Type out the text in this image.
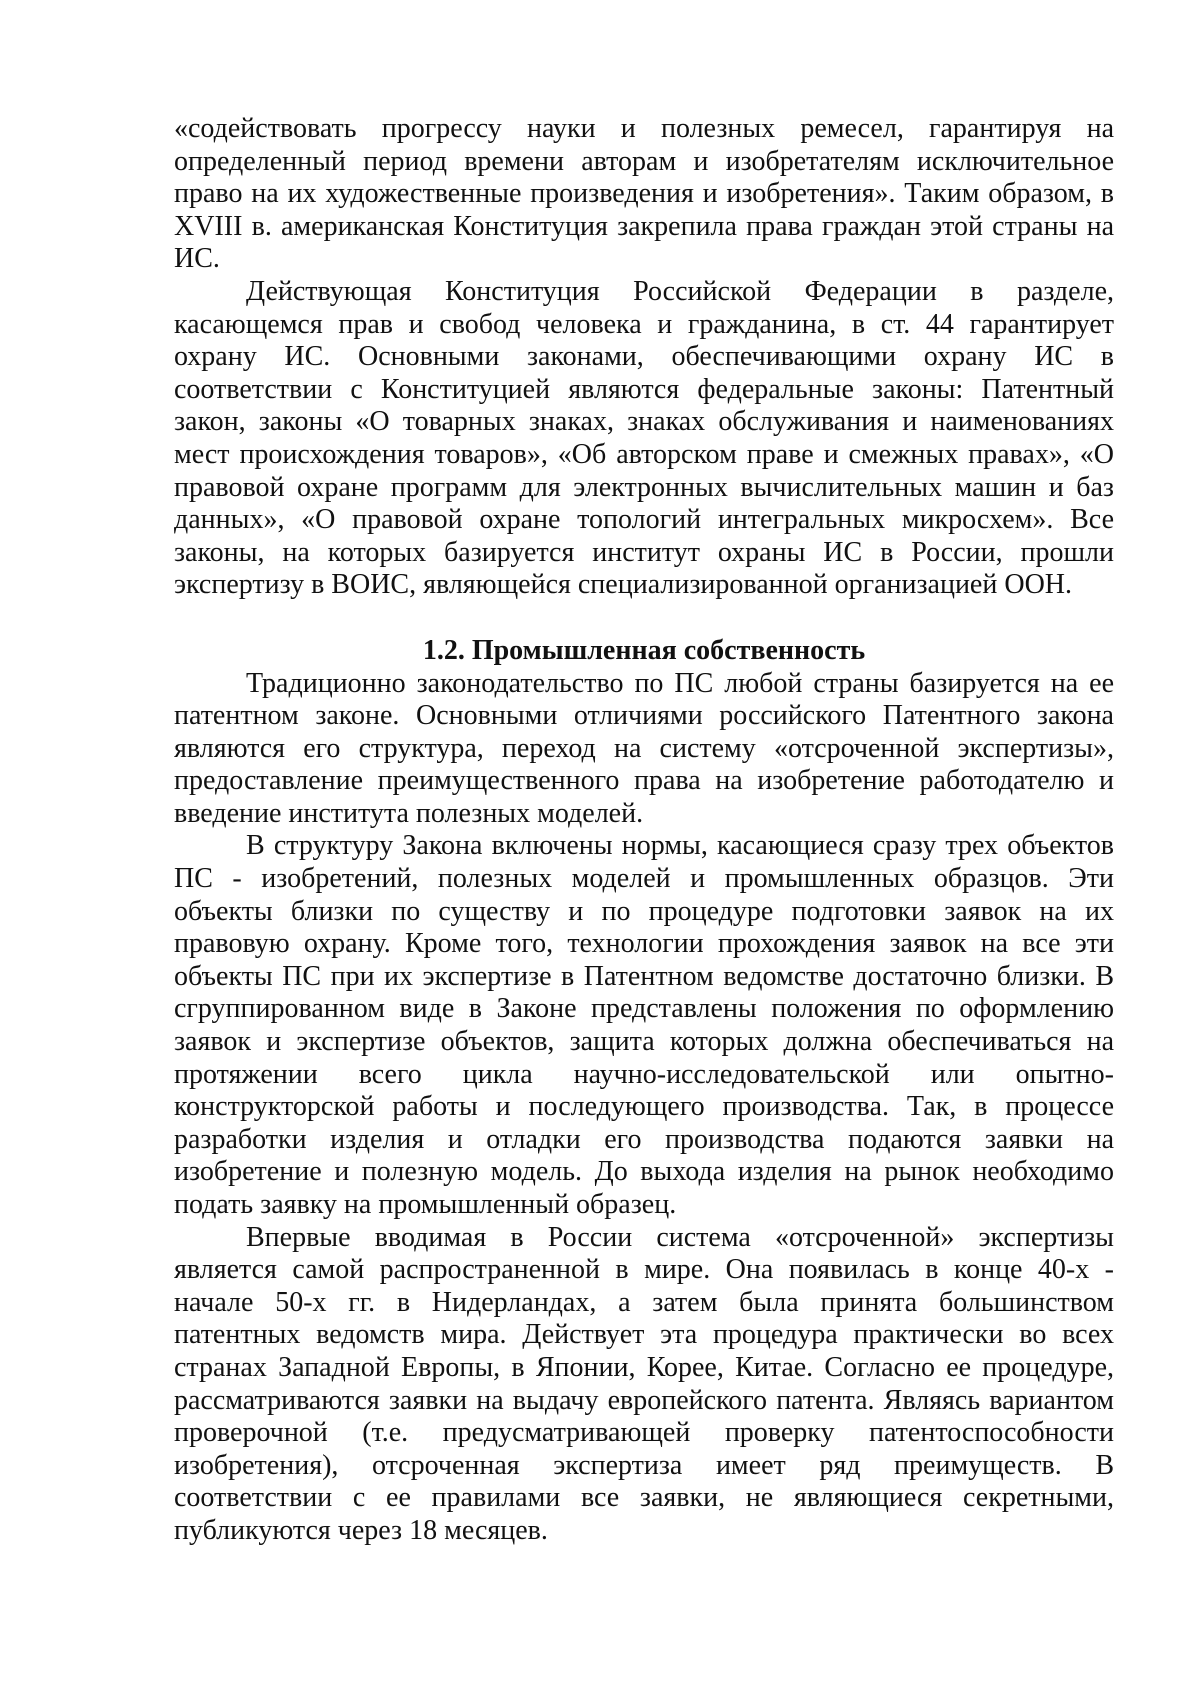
«содействовать прогрессу науки и полезных ремесел, гарантируя на определенный период времени авторам и изобретателям исключительное право на их художественные произведения и изобретения». Таким образом, в XVIII в. американская Конституция закрепила права граждан этой страны на ИС.

Действующая Конституция Российской Федерации в разделе, касающемся прав и свобод человека и гражданина, в ст. 44 гарантирует охрану ИС. Основными законами, обеспечивающими охрану ИС в соответствии с Конституцией являются федеральные законы: Патентный закон, законы «О товарных знаках, знаках обслуживания и наименованиях мест происхождения товаров», «Об авторском праве и смежных правах», «О правовой охране программ для электронных вычислительных машин и баз данных», «О правовой охране топологий интегральных микросхем». Все законы, на которых базируется институт охраны ИС в России, прошли экспертизу в ВОИС, являющейся специализированной организацией ООН.

1.2. Промышленная собственность

Традиционно законодательство по ПС любой страны базируется на ее патентном законе. Основными отличиями российского Патентного закона являются его структура, переход на систему «отсроченной экспертизы», предоставление преимущественного права на изобретение работодателю и введение института полезных моделей.

В структуру Закона включены нормы, касающиеся сразу трех объектов ПС - изобретений, полезных моделей и промышленных образцов. Эти объекты близки по существу и по процедуре подготовки заявок на их правовую охрану. Кроме того, технологии прохождения заявок на все эти объекты ПС при их экспертизе в Патентном ведомстве достаточно близки. В сгруппированном виде в Законе представлены положения по оформлению заявок и экспертизе объектов, защита которых должна обеспечиваться на протяжении всего цикла научно-исследовательской или опытно-конструкторской работы и последующего производства. Так, в процессе разработки изделия и отладки его производства подаются заявки на изобретение и полезную модель. До выхода изделия на рынок необходимо подать заявку на промышленный образец.

Впервые вводимая в России система «отсроченной» экспертизы является самой распространенной в мире. Она появилась в конце 40-х - начале 50-х гг. в Нидерландах, а затем была принята большинством патентных ведомств мира. Действует эта процедура практически во всех странах Западной Европы, в Японии, Корее, Китае. Согласно ее процедуре, рассматриваются заявки на выдачу европейского патента. Являясь вариантом проверочной (т.е. предусматривающей проверку патентоспособности изобретения), отсроченная экспертиза имеет ряд преимуществ. В соответствии с ее правилами все заявки, не являющиеся секретными, публикуются через 18 месяцев.
